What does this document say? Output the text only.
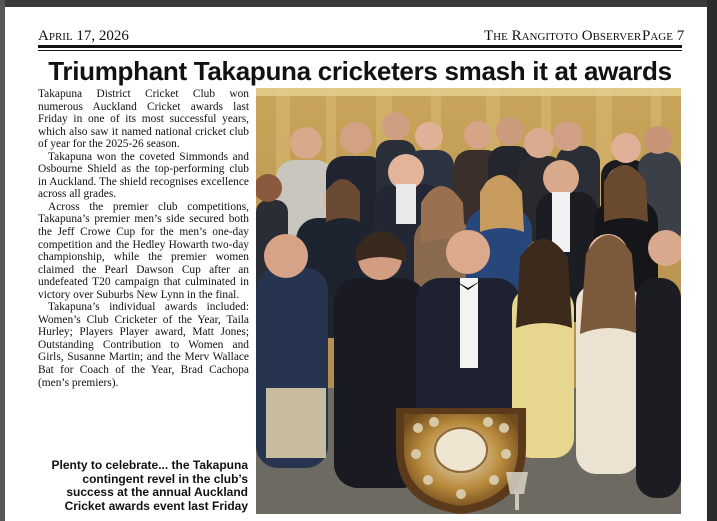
April 17, 2026	The Rangitoto Observer Page 7
Triumphant Takapuna cricketers smash it at awards

Takapuna District Cricket Club won numerous Auckland Cricket awards last Friday in one of its most successful years, which also saw it named national cricket club of year for the 2025-26 season.

Takapuna won the coveted Simmonds and Osbourne Shield as the top-performing club in Auckland. The shield recognises excellence across all grades.

Across the premier club competitions, Takapuna’s premier men’s side secured both the Jeff Crowe Cup for the men’s one-day competition and the Hedley Howarth two-day championship, while the premier women claimed the Pearl Dawson Cup after an undefeated T20 campaign that culminated in victory over Suburbs New Lynn in the final.

Takapuna’s individual awards included: Women’s Club Cricketer of the Year, Taila Hurley; Players Player award, Matt Jones; Outstanding Contribution to Women and Girls, Susanne Martin; and the Merv Wallace Bat for Coach of the Year, Brad Cachopa (men’s premiers).

Plenty to celebrate... the Takapuna contingent revel in the club’s success at the annual Auckland Cricket awards event last Friday
